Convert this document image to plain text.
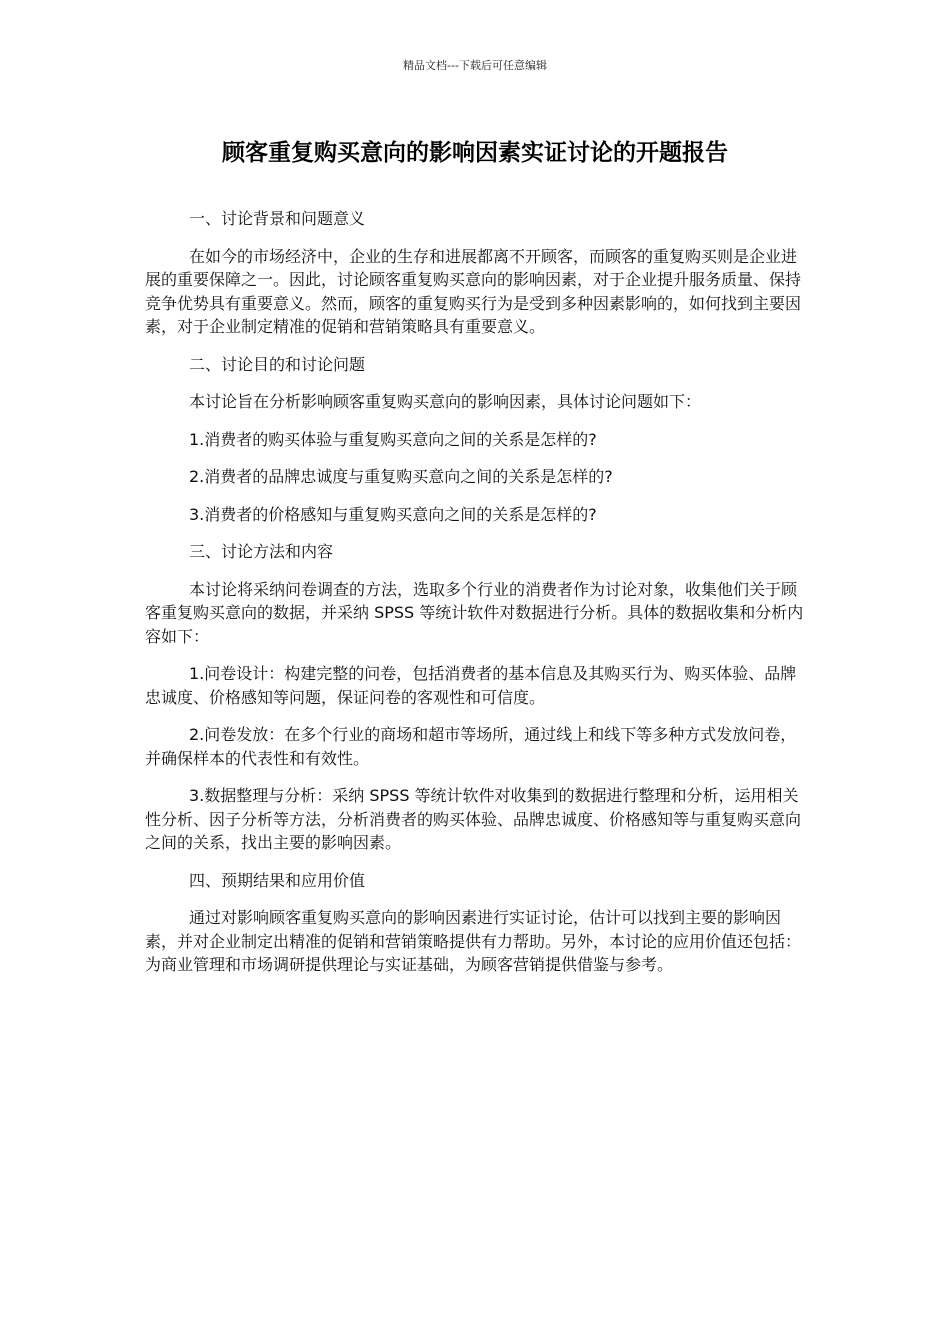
精品文档---下载后可任意编辑
顾客重复购买意向的影响因素实证讨论的开题报告
一、讨论背景和问题意义
在如今的市场经济中，企业的生存和进展都离不开顾客，而顾客的重复购买则是企业进展的重要保障之一。因此，讨论顾客重复购买意向的影响因素，对于企业提升服务质量、保持竞争优势具有重要意义。然而，顾客的重复购买行为是受到多种因素影响的，如何找到主要因素，对于企业制定精准的促销和营销策略具有重要意义。
二、讨论目的和讨论问题
本讨论旨在分析影响顾客重复购买意向的影响因素，具体讨论问题如下：
1.消费者的购买体验与重复购买意向之间的关系是怎样的?
2.消费者的品牌忠诚度与重复购买意向之间的关系是怎样的?
3.消费者的价格感知与重复购买意向之间的关系是怎样的?
三、讨论方法和内容
本讨论将采纳问卷调查的方法，选取多个行业的消费者作为讨论对象，收集他们关于顾客重复购买意向的数据，并采纳 SPSS 等统计软件对数据进行分析。具体的数据收集和分析内容如下：
1.问卷设计：构建完整的问卷，包括消费者的基本信息及其购买行为、购买体验、品牌忠诚度、价格感知等问题，保证问卷的客观性和可信度。
2.问卷发放：在多个行业的商场和超市等场所，通过线上和线下等多种方式发放问卷，并确保样本的代表性和有效性。
3.数据整理与分析：采纳 SPSS 等统计软件对收集到的数据进行整理和分析，运用相关性分析、因子分析等方法，分析消费者的购买体验、品牌忠诚度、价格感知等与重复购买意向之间的关系，找出主要的影响因素。
四、预期结果和应用价值
通过对影响顾客重复购买意向的影响因素进行实证讨论，估计可以找到主要的影响因素，并对企业制定出精准的促销和营销策略提供有力帮助。另外，本讨论的应用价值还包括：为商业管理和市场调研提供理论与实证基础，为顾客营销提供借鉴与参考。
